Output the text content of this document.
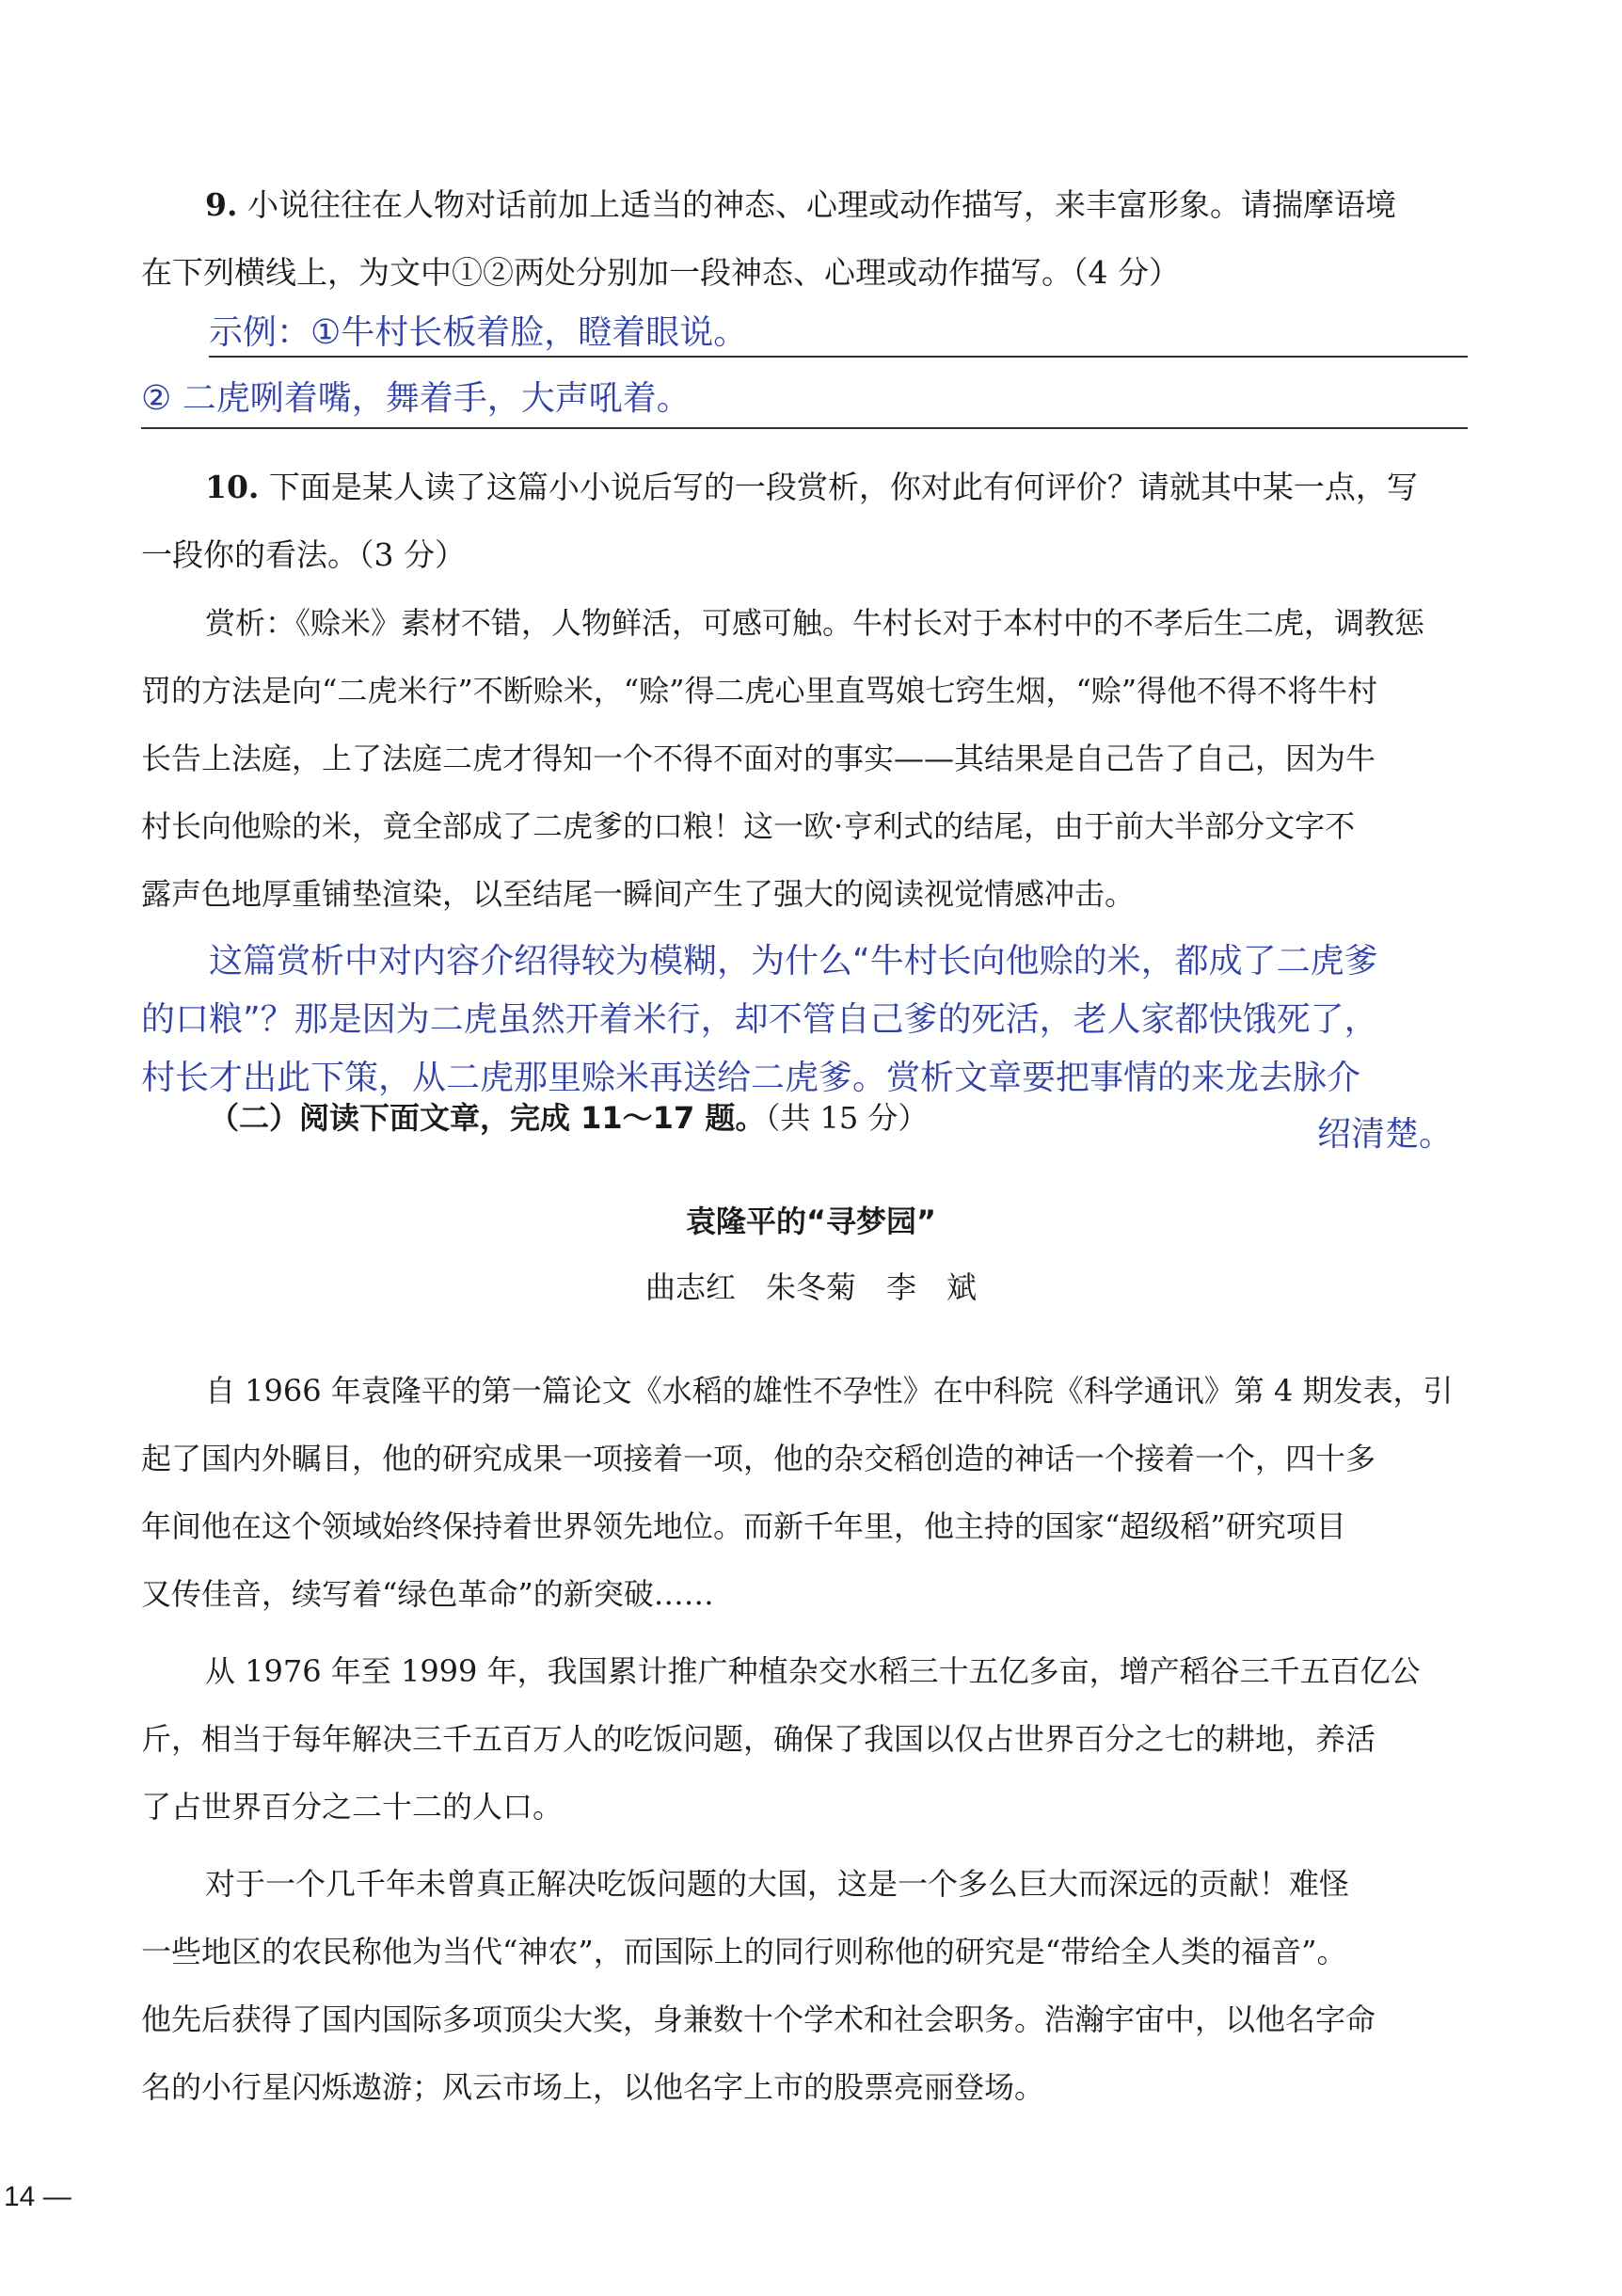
9. 小说往往在人物对话前加上适当的神态、心理或动作描写，来丰富形象。请揣摩语境
在下列横线上，为文中①②两处分别加一段神态、心理或动作描写。（4 分）
示例：①牛村长板着脸，瞪着眼说。
② 二虎咧着嘴，舞着手，大声吼着。
10. 下面是某人读了这篇小小说后写的一段赏析，你对此有何评价？请就其中某一点，写
一段你的看法。（3 分）
赏析：《赊米》素材不错，人物鲜活，可感可触。牛村长对于本村中的不孝后生二虎，调教惩
罚的方法是向“二虎米行”不断赊米，“赊”得二虎心里直骂娘七窍生烟，“赊”得他不得不将牛村
长告上法庭，上了法庭二虎才得知一个不得不面对的事实——其结果是自己告了自己，因为牛
村长向他赊的米，竟全部成了二虎爹的口粮！这一欧·亨利式的结尾，由于前大半部分文字不
露声色地厚重铺垫渲染，以至结尾一瞬间产生了强大的阅读视觉情感冲击。
这篇赏析中对内容介绍得较为模糊，为什么“牛村长向他赊的米，都成了二虎爹
的口粮”？那是因为二虎虽然开着米行，却不管自己爹的死活，老人家都快饿死了，
村长才出此下策，从二虎那里赊米再送给二虎爹。赏析文章要把事情的来龙去脉介
（二）阅读下面文章，完成 11～17 题。（共 15 分）	绍清楚。
袁隆平的“寻梦园”
曲志红　朱冬菊　李　斌
自 1966 年袁隆平的第一篇论文《水稻的雄性不孕性》在中科院《科学通讯》第 4 期发表，引
起了国内外瞩目，他的研究成果一项接着一项，他的杂交稻创造的神话一个接着一个，四十多
年间他在这个领域始终保持着世界领先地位。而新千年里，他主持的国家“超级稻”研究项目
又传佳音，续写着“绿色革命”的新突破……
从 1976 年至 1999 年，我国累计推广种植杂交水稻三十五亿多亩，增产稻谷三千五百亿公
斤，相当于每年解决三千五百万人的吃饭问题，确保了我国以仅占世界百分之七的耕地，养活
了占世界百分之二十二的人口。
对于一个几千年未曾真正解决吃饭问题的大国，这是一个多么巨大而深远的贡献！难怪
一些地区的农民称他为当代“神农”，而国际上的同行则称他的研究是“带给全人类的福音”。
他先后获得了国内国际多项顶尖大奖，身兼数十个学术和社会职务。浩瀚宇宙中，以他名字命
名的小行星闪烁遨游；风云市场上，以他名字上市的股票亮丽登场。
14 —
